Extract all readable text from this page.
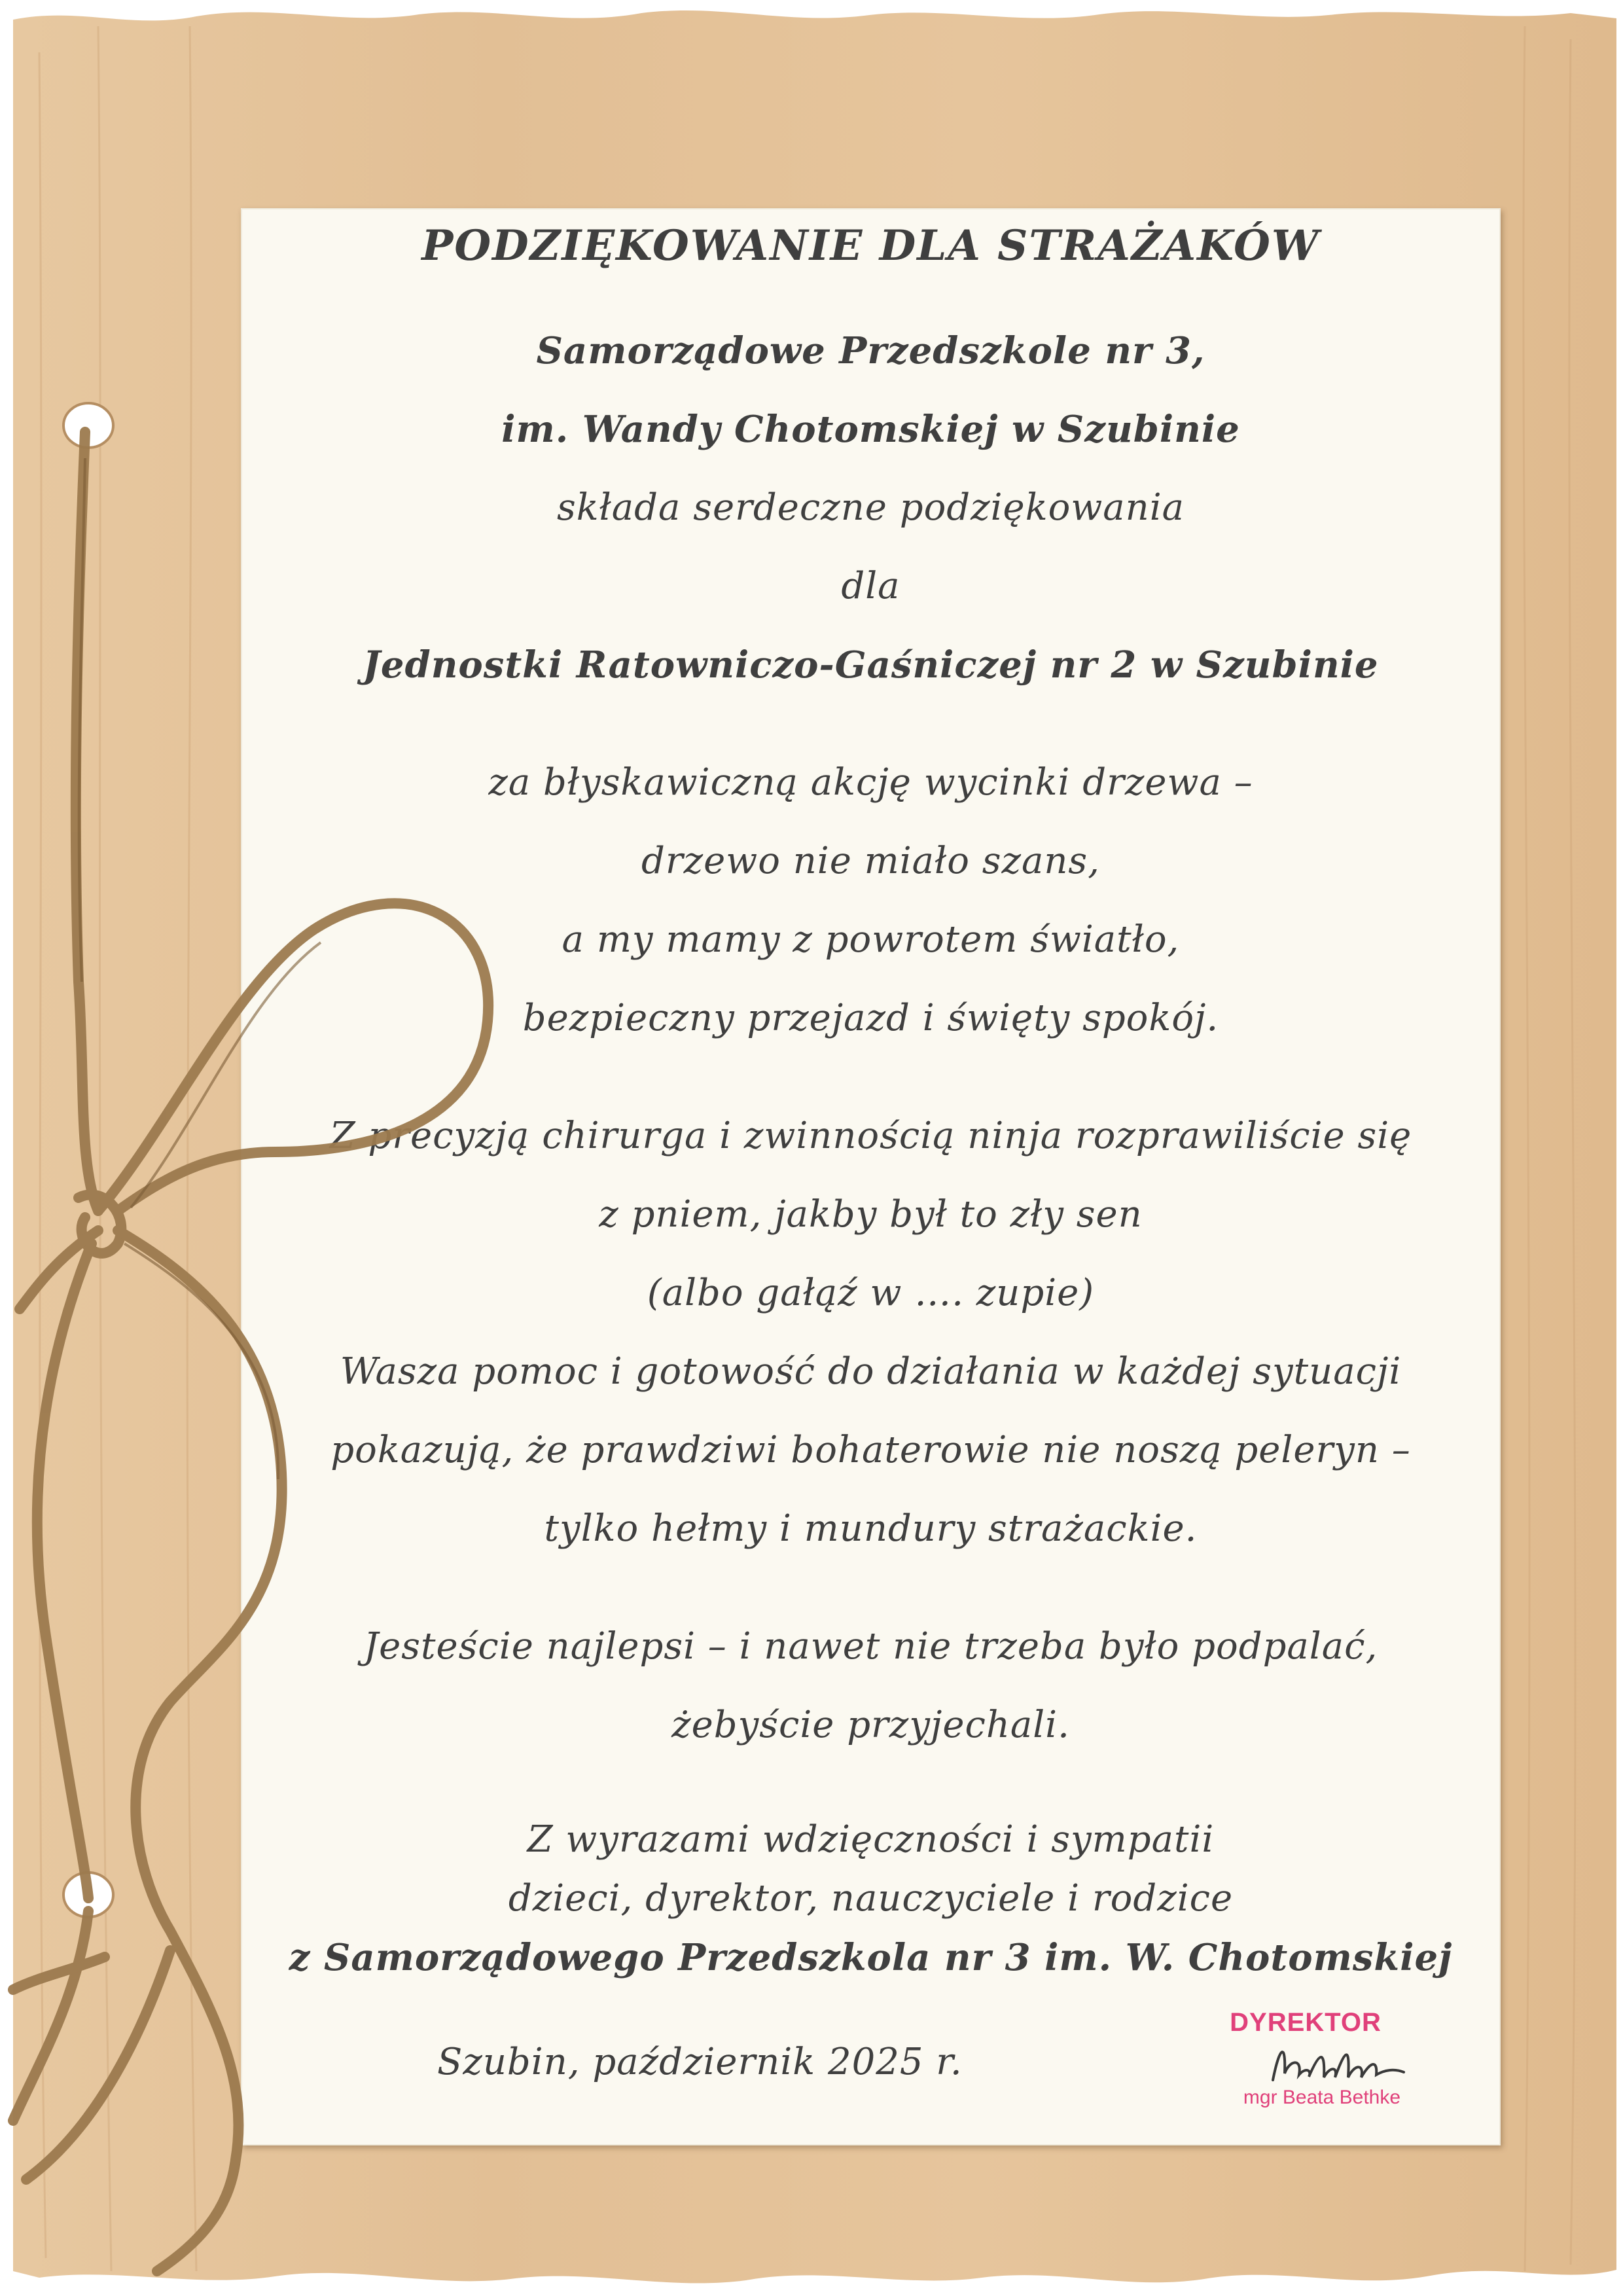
PODZIĘKOWANIE DLA STRAŻAKÓW
Samorządowe Przedszkole nr 3,
im. Wandy Chotomskiej w Szubinie
składa serdeczne podziękowania
dla
Jednostki Ratowniczo-Gaśniczej nr 2 w Szubinie
za błyskawiczną akcję wycinki drzewa –
drzewo nie miało szans,
a my mamy z powrotem światło,
bezpieczny przejazd i święty spokój.
Z precyzją chirurga i zwinnością ninja rozprawiliście się
z pniem, jakby był to zły sen
(albo gałąź w …. zupie)
Wasza pomoc i gotowość do działania w każdej sytuacji
pokazują, że prawdziwi bohaterowie nie noszą peleryn –
tylko hełmy i mundury strażackie.
Jesteście najlepsi – i nawet nie trzeba było podpalać,
żebyście przyjechali.
Z wyrazami wdzięczności i sympatii
dzieci, dyrektor, nauczyciele i rodzice
z Samorządowego Przedszkola nr 3 im. W. Chotomskiej
Szubin, październik 2025 r.
DYREKTOR
mgr Beata Bethke
